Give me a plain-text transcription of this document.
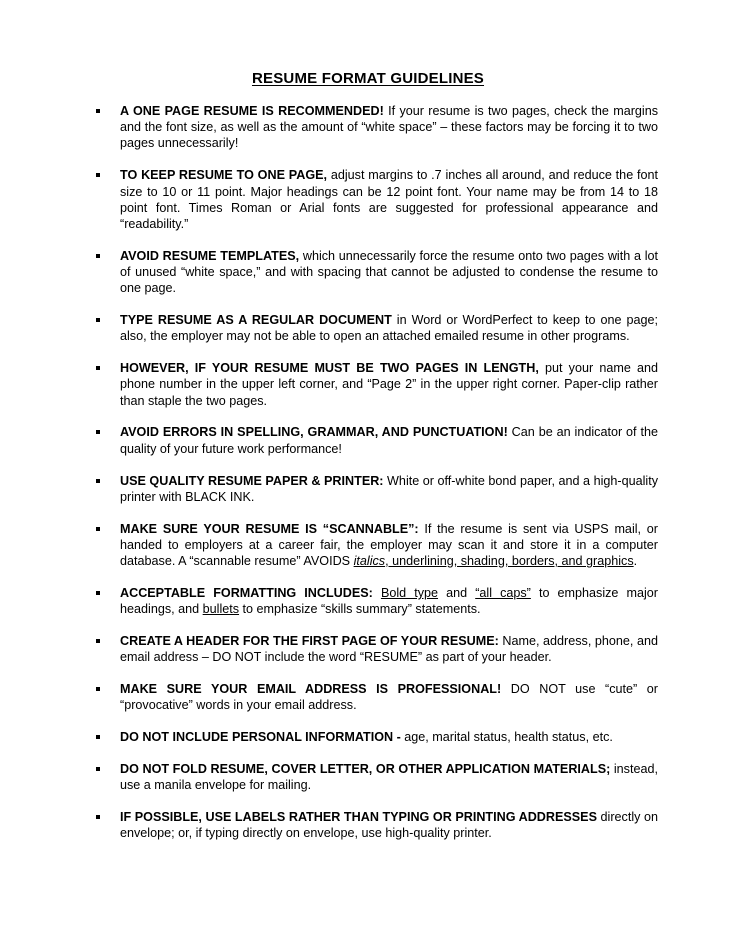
RESUME FORMAT GUIDELINES
A ONE PAGE RESUME IS RECOMMENDED! If your resume is two pages, check the margins and the font size, as well as the amount of “white space” – these factors may be forcing it to two pages unnecessarily!
TO KEEP RESUME TO ONE PAGE, adjust margins to .7 inches all around, and reduce the font size to 10 or 11 point. Major headings can be 12 point font. Your name may be from 14 to 18 point font. Times Roman or Arial fonts are suggested for professional appearance and “readability.”
AVOID RESUME TEMPLATES, which unnecessarily force the resume onto two pages with a lot of unused “white space,” and with spacing that cannot be adjusted to condense the resume to one page.
TYPE RESUME AS A REGULAR DOCUMENT in Word or WordPerfect to keep to one page; also, the employer may not be able to open an attached emailed resume in other programs.
HOWEVER, IF YOUR RESUME MUST BE TWO PAGES IN LENGTH, put your name and phone number in the upper left corner, and “Page 2” in the upper right corner. Paper-clip rather than staple the two pages.
AVOID ERRORS IN SPELLING, GRAMMAR, AND PUNCTUATION! Can be an indicator of the quality of your future work performance!
USE QUALITY RESUME PAPER & PRINTER: White or off-white bond paper, and a high-quality printer with BLACK INK.
MAKE SURE YOUR RESUME IS “SCANNABLE”: If the resume is sent via USPS mail, or handed to employers at a career fair, the employer may scan it and store it in a computer database. A “scannable resume” AVOIDS italics, underlining, shading, borders, and graphics.
ACCEPTABLE FORMATTING INCLUDES: Bold type and “all caps” to emphasize major headings, and bullets to emphasize “skills summary” statements.
CREATE A HEADER FOR THE FIRST PAGE OF YOUR RESUME: Name, address, phone, and email address – DO NOT include the word “RESUME” as part of your header.
MAKE SURE YOUR EMAIL ADDRESS IS PROFESSIONAL! DO NOT use “cute” or “provocative” words in your email address.
DO NOT INCLUDE PERSONAL INFORMATION - age, marital status, health status, etc.
DO NOT FOLD RESUME, COVER LETTER, OR OTHER APPLICATION MATERIALS; instead, use a manila envelope for mailing.
IF POSSIBLE, USE LABELS RATHER THAN TYPING OR PRINTING ADDRESSES directly on envelope; or, if typing directly on envelope, use high-quality printer.
